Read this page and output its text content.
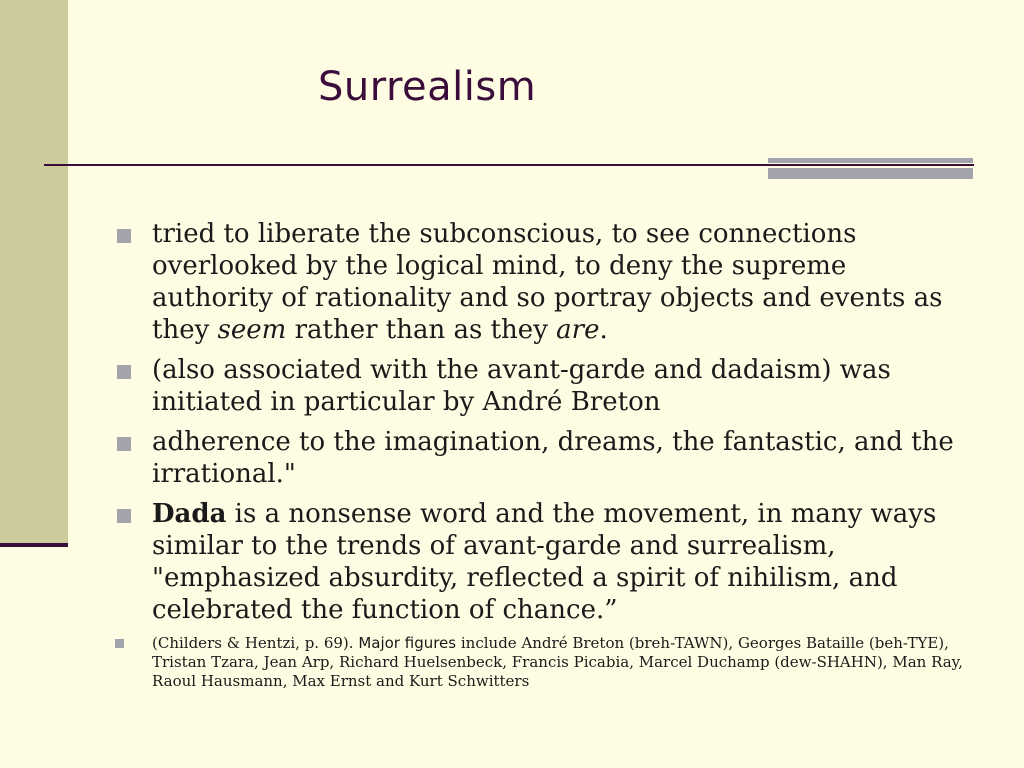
Surrealism
tried to liberate the subconscious, to see connections overlooked by the logical mind, to deny the supreme authority of rationality and so portray objects and events as they seem rather than as they are.
(also associated with the avant-garde and dadaism) was initiated in particular by André Breton
adherence to the imagination, dreams, the fantastic, and the irrational."
Dada is a nonsense word and the movement, in many ways similar to the trends of avant-garde and surrealism, "emphasized absurdity, reflected a spirit of nihilism, and celebrated the function of chance.”
(Childers & Hentzi, p. 69). Major figures include André Breton (breh-TAWN), Georges Bataille (beh-TYE), Tristan Tzara, Jean Arp, Richard Huelsenbeck, Francis Picabia, Marcel Duchamp (dew-SHAHN), Man Ray, Raoul Hausmann, Max Ernst and Kurt Schwitters
